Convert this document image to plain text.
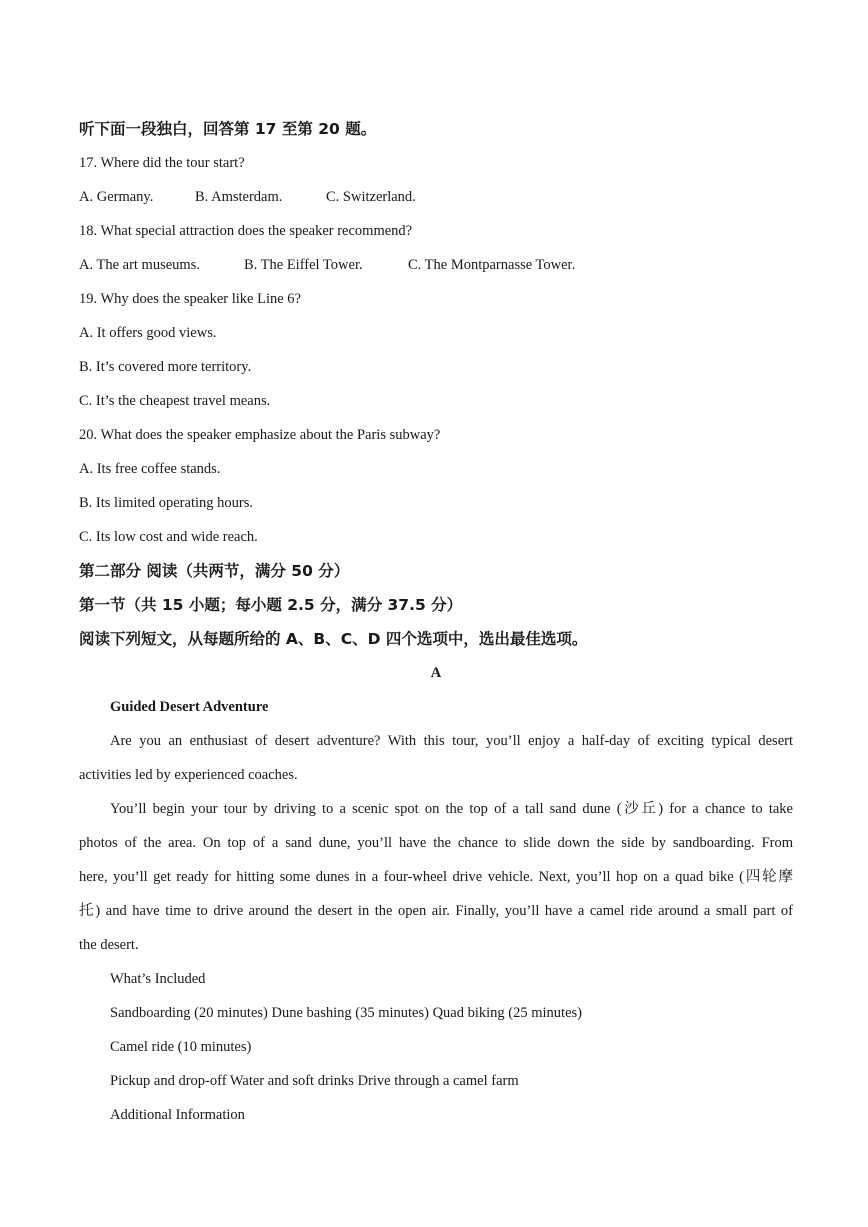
听下面一段独白，回答第 17 至第 20 题。
17. Where did the tour start?
A. Germany.	B. Amsterdam.	C. Switzerland.
18. What special attraction does the speaker recommend?
A. The art museums.	B. The Eiffel Tower.	C. The Montparnasse Tower.
19. Why does the speaker like Line 6?
A. It offers good views.
B. It’s covered more territory.
C. It’s the cheapest travel means.
20. What does the speaker emphasize about the Paris subway?
A. Its free coffee stands.
B. Its limited operating hours.
C. Its low cost and wide reach.
第二部分 阅读（共两节，满分 50 分）
第一节（共 15 小题；每小题 2.5 分，满分 37.5 分）
阅读下列短文，从每题所给的 A、B、C、D 四个选项中，选出最佳选项。
A
Guided Desert Adventure
Are you an enthusiast of desert adventure? With this tour, you’ll enjoy a half-day of exciting typical desert
activities led by experienced coaches.
You’ll begin your tour by driving to a scenic spot on the top of a tall sand dune (沙丘) for a chance to take
photos of the area. On top of a sand dune, you’ll have the chance to slide down the side by sandboarding. From
here, you’ll get ready for hitting some dunes in a four-wheel drive vehicle. Next, you’ll hop on a quad bike (四轮摩
托) and have time to drive around the desert in the open air. Finally, you’ll have a camel ride around a small part of
the desert.
What’s Included
Sandboarding (20 minutes) Dune bashing (35 minutes) Quad biking (25 minutes)
Camel ride (10 minutes)
Pickup and drop-off Water and soft drinks Drive through a camel farm
Additional Information
